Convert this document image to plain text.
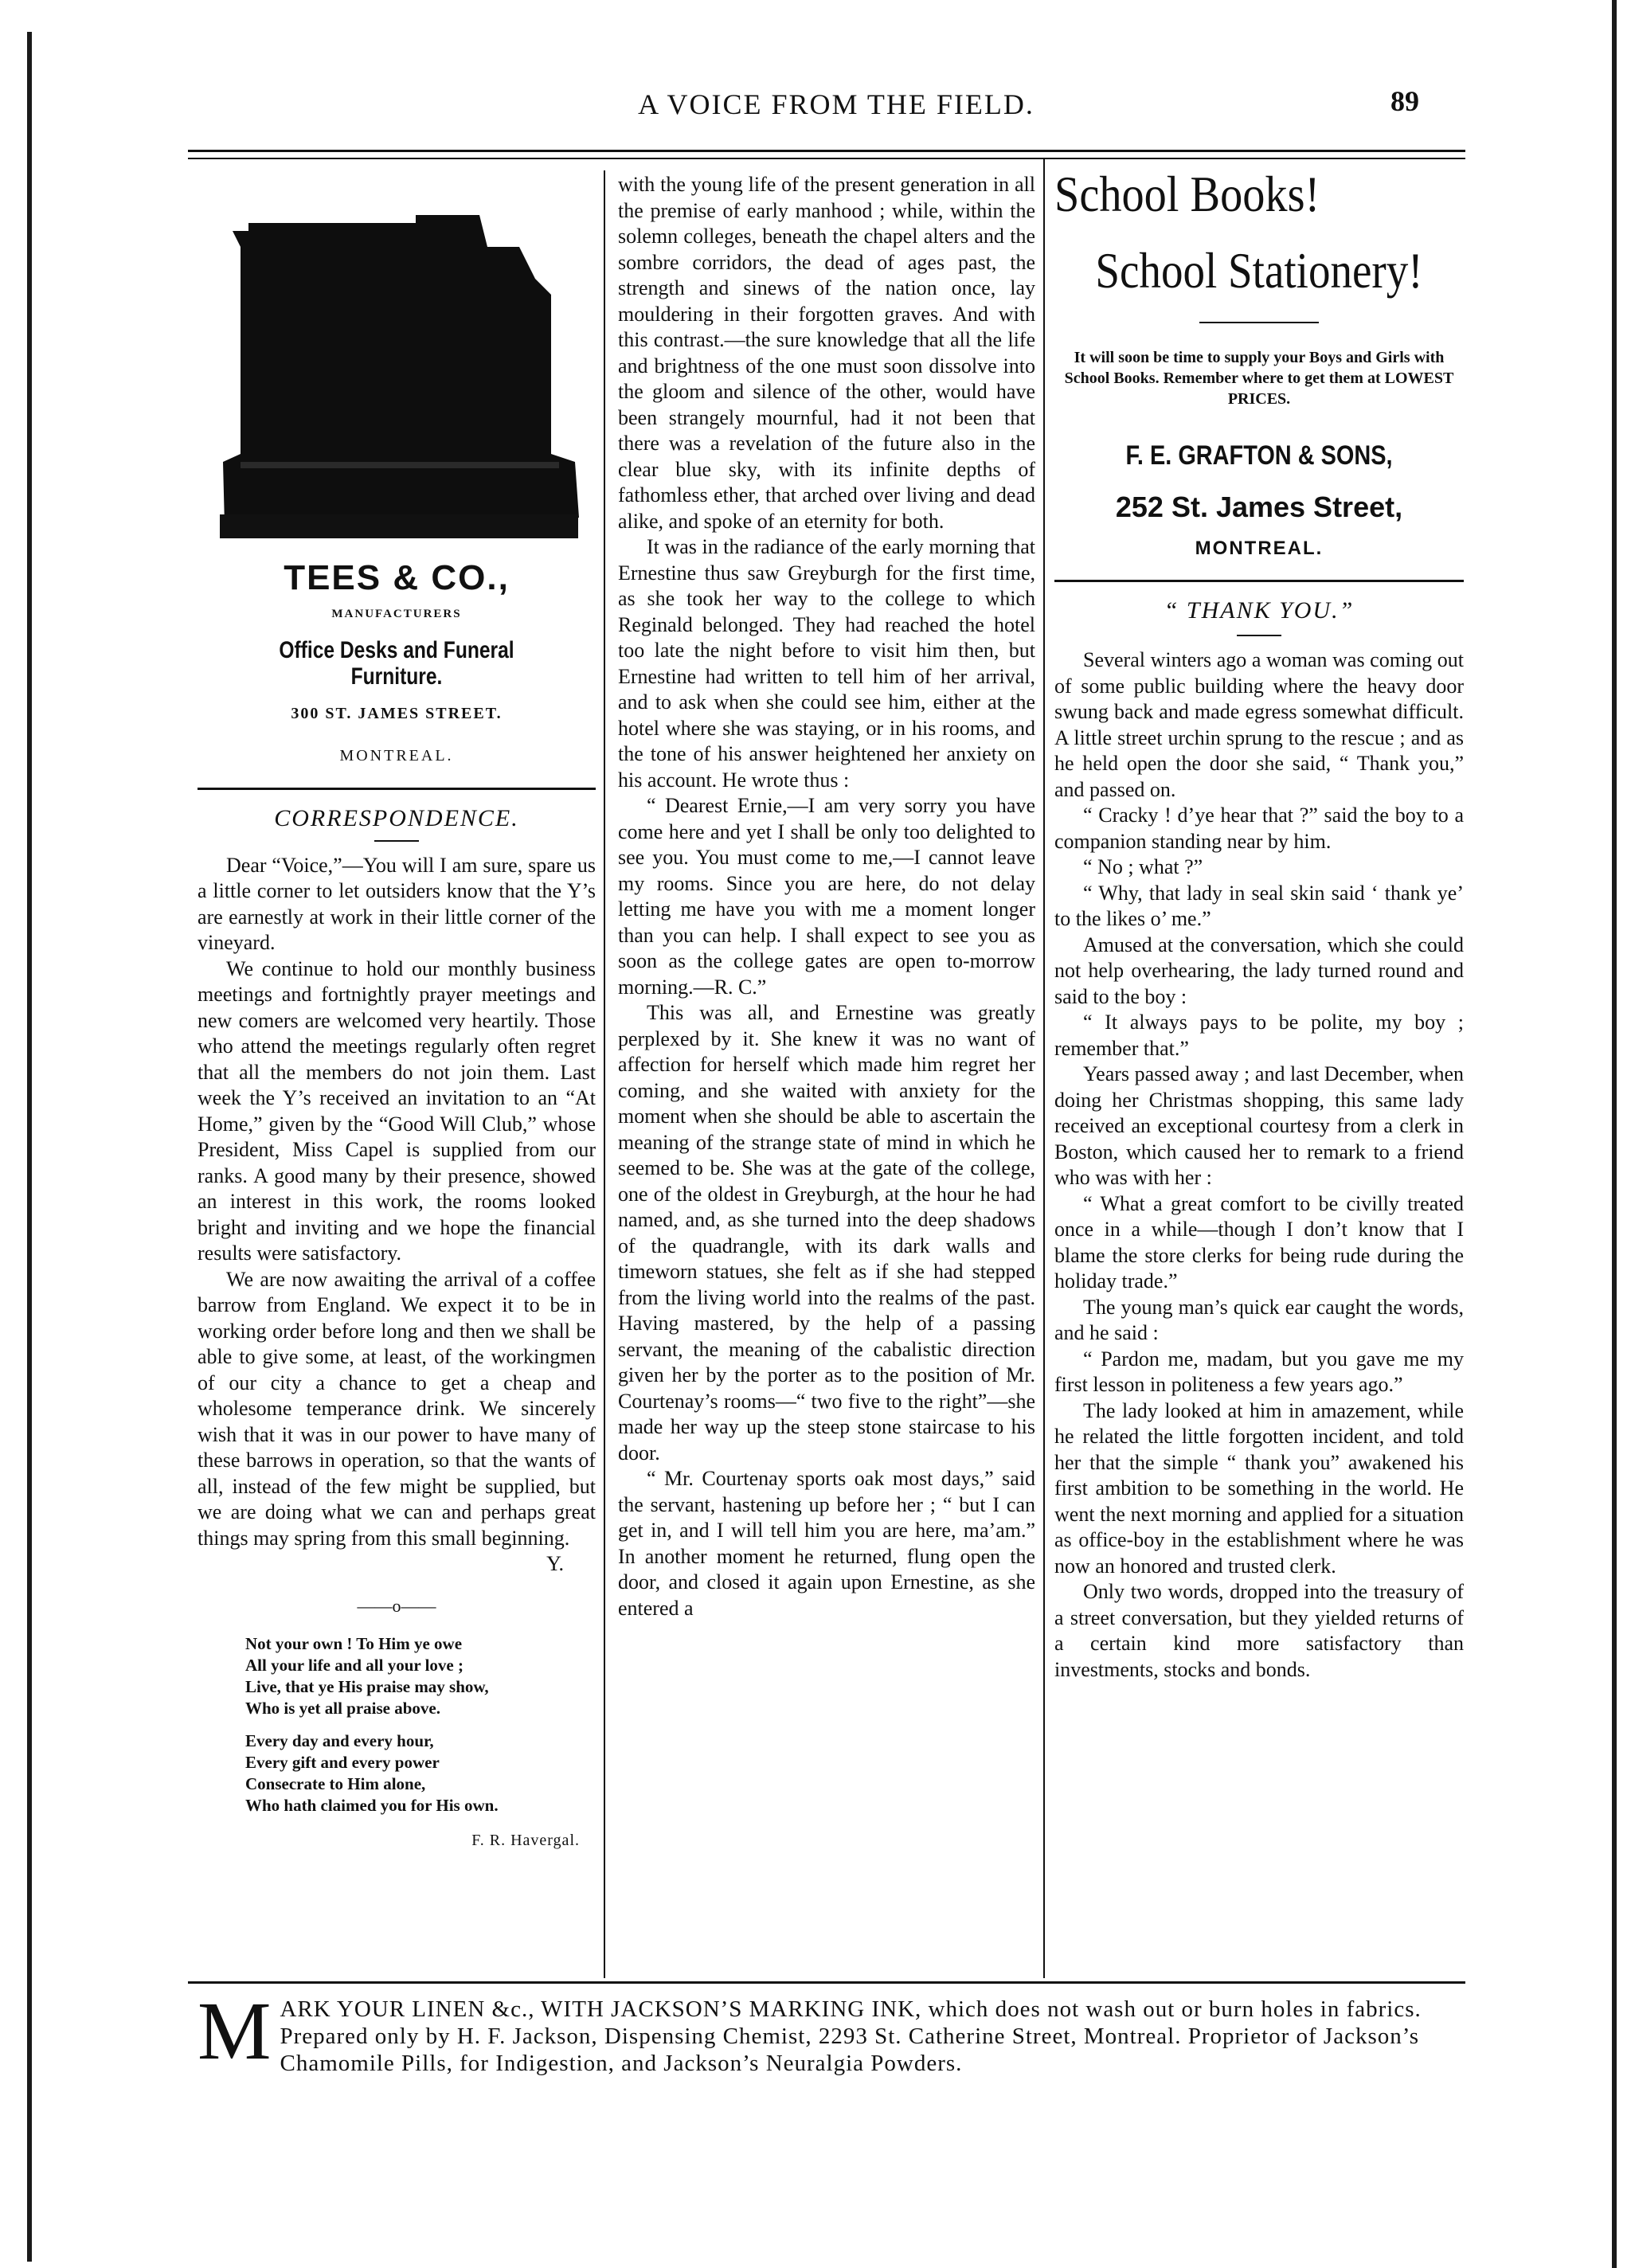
A VOICE FROM THE FIELD.	89
TEES & CO.,
MANUFACTURERS
Office Desks and Funeral Furniture.
300 ST. JAMES STREET.
MONTREAL.
CORRESPONDENCE.

Dear “Voice,”—You will I am sure, spare us a little corner to let outsiders know that the Y’s are earnestly at work in their little corner of the vineyard.

We continue to hold our monthly business meetings and fortnightly prayer meetings and new comers are welcomed very heartily. Those who attend the meetings regularly often regret that all the members do not join them. Last week the Y’s received an invitation to an “At Home,” given by the “Good Will Club,” whose President, Miss Capel is supplied from our ranks. A good many by their presence, showed an interest in this work, the rooms looked bright and inviting and we hope the financial results were satisfactory.

We are now awaiting the arrival of a coffee barrow from England. We expect it to be in working order before long and then we shall be able to give some, at least, of the workingmen of our city a chance to get a cheap and wholesome temperance drink. We sincerely wish that it was in our power to have many of these barrows in operation, so that the wants of all, instead of the few might be supplied, but we are doing what we can and perhaps great things may spring from this small beginning.

Y.
——o——
Not your own ! To Him ye owe
All your life and all your love ;
Live, that ye His praise may show,
Who is yet all praise above.
Every day and every hour,
Every gift and every power
Consecrate to Him alone,
Who hath claimed you for His own.
F. R. Havergal.

with the young life of the present generation in all the premise of early manhood ; while, within the solemn colleges, beneath the chapel alters and the sombre corridors, the dead of ages past, the strength and sinews of the nation once, lay mouldering in their forgotten graves. And with this contrast.—the sure knowledge that all the life and brightness of the one must soon dissolve into the gloom and silence of the other, would have been strangely mournful, had it not been that there was a revelation of the future also in the clear blue sky, with its infinite depths of fathomless ether, that arched over living and dead alike, and spoke of an eternity for both.

It was in the radiance of the early morning that Ernestine thus saw Greyburgh for the first time, as she took her way to the college to which Reginald belonged. They had reached the hotel too late the night before to visit him then, but Ernestine had written to tell him of her arrival, and to ask when she could see him, either at the hotel where she was staying, or in his rooms, and the tone of his answer heightened her anxiety on his account. He wrote thus :

“ Dearest Ernie,—I am very sorry you have come here and yet I shall be only too delighted to see you. You must come to me,—I cannot leave my rooms. Since you are here, do not delay letting me have you with me a moment longer than you can help. I shall expect to see you as soon as the college gates are open to-morrow morning.—R. C.”

This was all, and Ernestine was greatly perplexed by it. She knew it was no want of affection for herself which made him regret her coming, and she waited with anxiety for the moment when she should be able to ascertain the meaning of the strange state of mind in which he seemed to be. She was at the gate of the college, one of the oldest in Greyburgh, at the hour he had named, and, as she turned into the deep shadows of the quadrangle, with its dark walls and timeworn statues, she felt as if she had stepped from the living world into the realms of the past. Having mastered, by the help of a passing servant, the meaning of the cabalistic direction given her by the porter as to the position of Mr. Courtenay’s rooms—“ two five to the right”—she made her way up the steep stone staircase to his door.

“ Mr. Courtenay sports oak most days,” said the servant, hastening up before her ; “ but I can get in, and I will tell him you are here, ma’am.” In another moment he returned, flung open the door, and closed it again upon Ernestine, as she entered a

School Books!
School Stationery!
It will soon be time to supply your Boys and Girls with School Books. Remember where to get them at LOWEST PRICES.
F. E. GRAFTON & SONS,
252 St. James Street,
MONTREAL.
“ THANK YOU.”

Several winters ago a woman was coming out of some public building where the heavy door swung back and made egress somewhat difficult. A little street urchin sprung to the rescue ; and as he held open the door she said, “ Thank you,” and passed on.

“ Cracky ! d’ye hear that ?” said the boy to a companion standing near by him.

“ No ; what ?”

“ Why, that lady in seal skin said ‘ thank ye’ to the likes o’ me.”

Amused at the conversation, which she could not help overhearing, the lady turned round and said to the boy :

“ It always pays to be polite, my boy ; remember that.”

Years passed away ; and last December, when doing her Christmas shopping, this same lady received an exceptional courtesy from a clerk in Boston, which caused her to remark to a friend who was with her :

“ What a great comfort to be civilly treated once in a while—though I don’t know that I blame the store clerks for being rude during the holiday trade.”

The young man’s quick ear caught the words, and he said :

“ Pardon me, madam, but you gave me my first lesson in politeness a few years ago.”

The lady looked at him in amazement, while he related the little forgotten incident, and told her that the simple “ thank you” awakened his first ambition to be something in the world. He went the next morning and applied for a situation as office-boy in the establishment where he was now an honored and trusted clerk.

Only two words, dropped into the treasury of a street conversation, but they yielded returns of a certain kind more satisfactory than investments, stocks and bonds.

M ARK YOUR LINEN &c., WITH JACKSON’S MARKING INK, which does not wash out or burn holes in fabrics. Prepared only by H. F. Jackson, Dispensing Chemist, 2293 St. Catherine Street, Montreal. Proprietor of Jackson’s Chamomile Pills, for Indigestion, and Jackson’s Neuralgia Powders.
